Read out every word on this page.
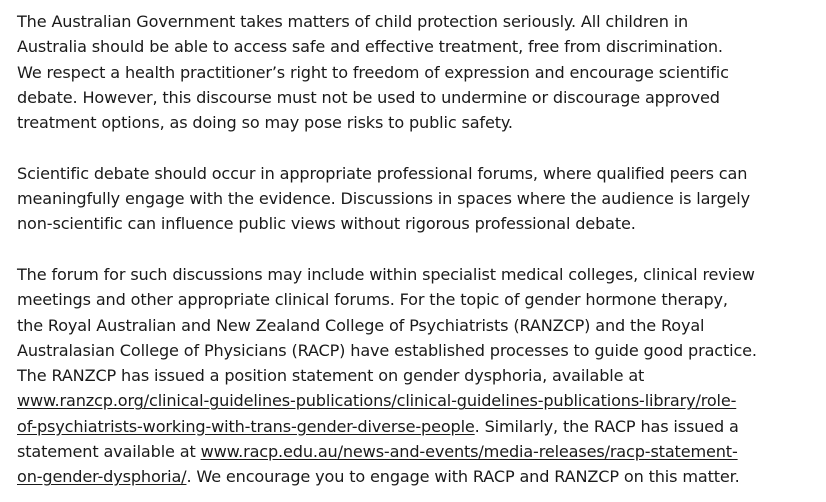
The Australian Government takes matters of child protection seriously. All children in
Australia should be able to access safe and effective treatment, free from discrimination.
We respect a health practitioner’s right to freedom of expression and encourage scientific
debate. However, this discourse must not be used to undermine or discourage approved
treatment options, as doing so may pose risks to public safety.

Scientific debate should occur in appropriate professional forums, where qualified peers can
meaningfully engage with the evidence. Discussions in spaces where the audience is largely
non-scientific can influence public views without rigorous professional debate.

The forum for such discussions may include within specialist medical colleges, clinical review
meetings and other appropriate clinical forums. For the topic of gender hormone therapy,
the Royal Australian and New Zealand College of Psychiatrists (RANZCP) and the Royal
Australasian College of Physicians (RACP) have established processes to guide good practice.
The RANZCP has issued a position statement on gender dysphoria, available at
www.ranzcp.org/clinical-guidelines-publications/clinical-guidelines-publications-library/role-
of-psychiatrists-working-with-trans-gender-diverse-people. Similarly, the RACP has issued a
statement available at www.racp.edu.au/news-and-events/media-releases/racp-statement-
on-gender-dysphoria/. We encourage you to engage with RACP and RANZCP on this matter.
